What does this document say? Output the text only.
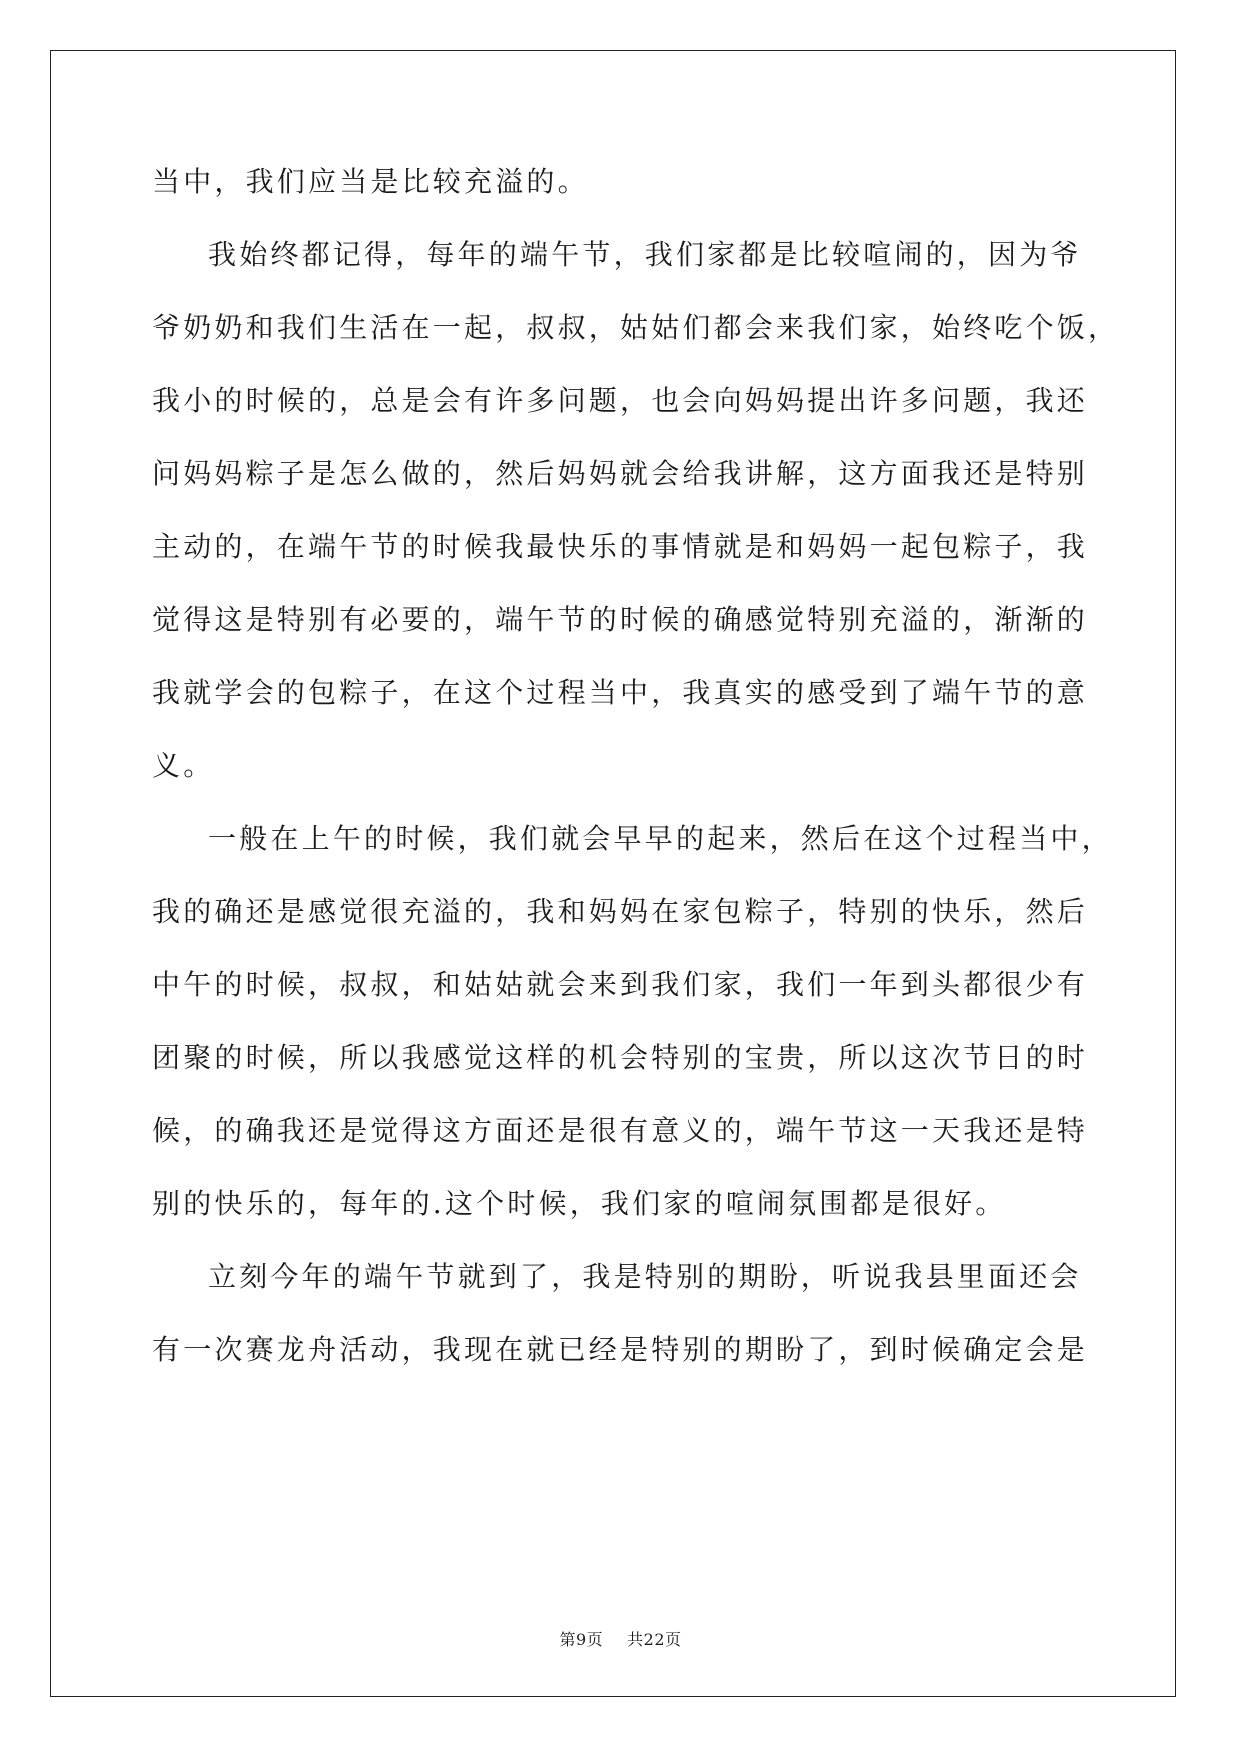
当中，我们应当是比较充溢的。
我始终都记得，每年的端午节，我们家都是比较喧闹的，因为爷
爷奶奶和我们生活在一起，叔叔，姑姑们都会来我们家，始终吃个饭，
我小的时候的，总是会有许多问题，也会向妈妈提出许多问题，我还
问妈妈粽子是怎么做的，然后妈妈就会给我讲解，这方面我还是特别
主动的，在端午节的时候我最快乐的事情就是和妈妈一起包粽子，我
觉得这是特别有必要的，端午节的时候的确感觉特别充溢的，渐渐的
我就学会的包粽子，在这个过程当中，我真实的感受到了端午节的意
义。
一般在上午的时候，我们就会早早的起来，然后在这个过程当中，
我的确还是感觉很充溢的，我和妈妈在家包粽子，特别的快乐，然后
中午的时候，叔叔，和姑姑就会来到我们家，我们一年到头都很少有
团聚的时候，所以我感觉这样的机会特别的宝贵，所以这次节日的时
候，的确我还是觉得这方面还是很有意义的，端午节这一天我还是特
别的快乐的，每年的.这个时候，我们家的喧闹氛围都是很好。
立刻今年的端午节就到了，我是特别的期盼，听说我县里面还会
有一次赛龙舟活动，我现在就已经是特别的期盼了，到时候确定会是
第9页 共22页
